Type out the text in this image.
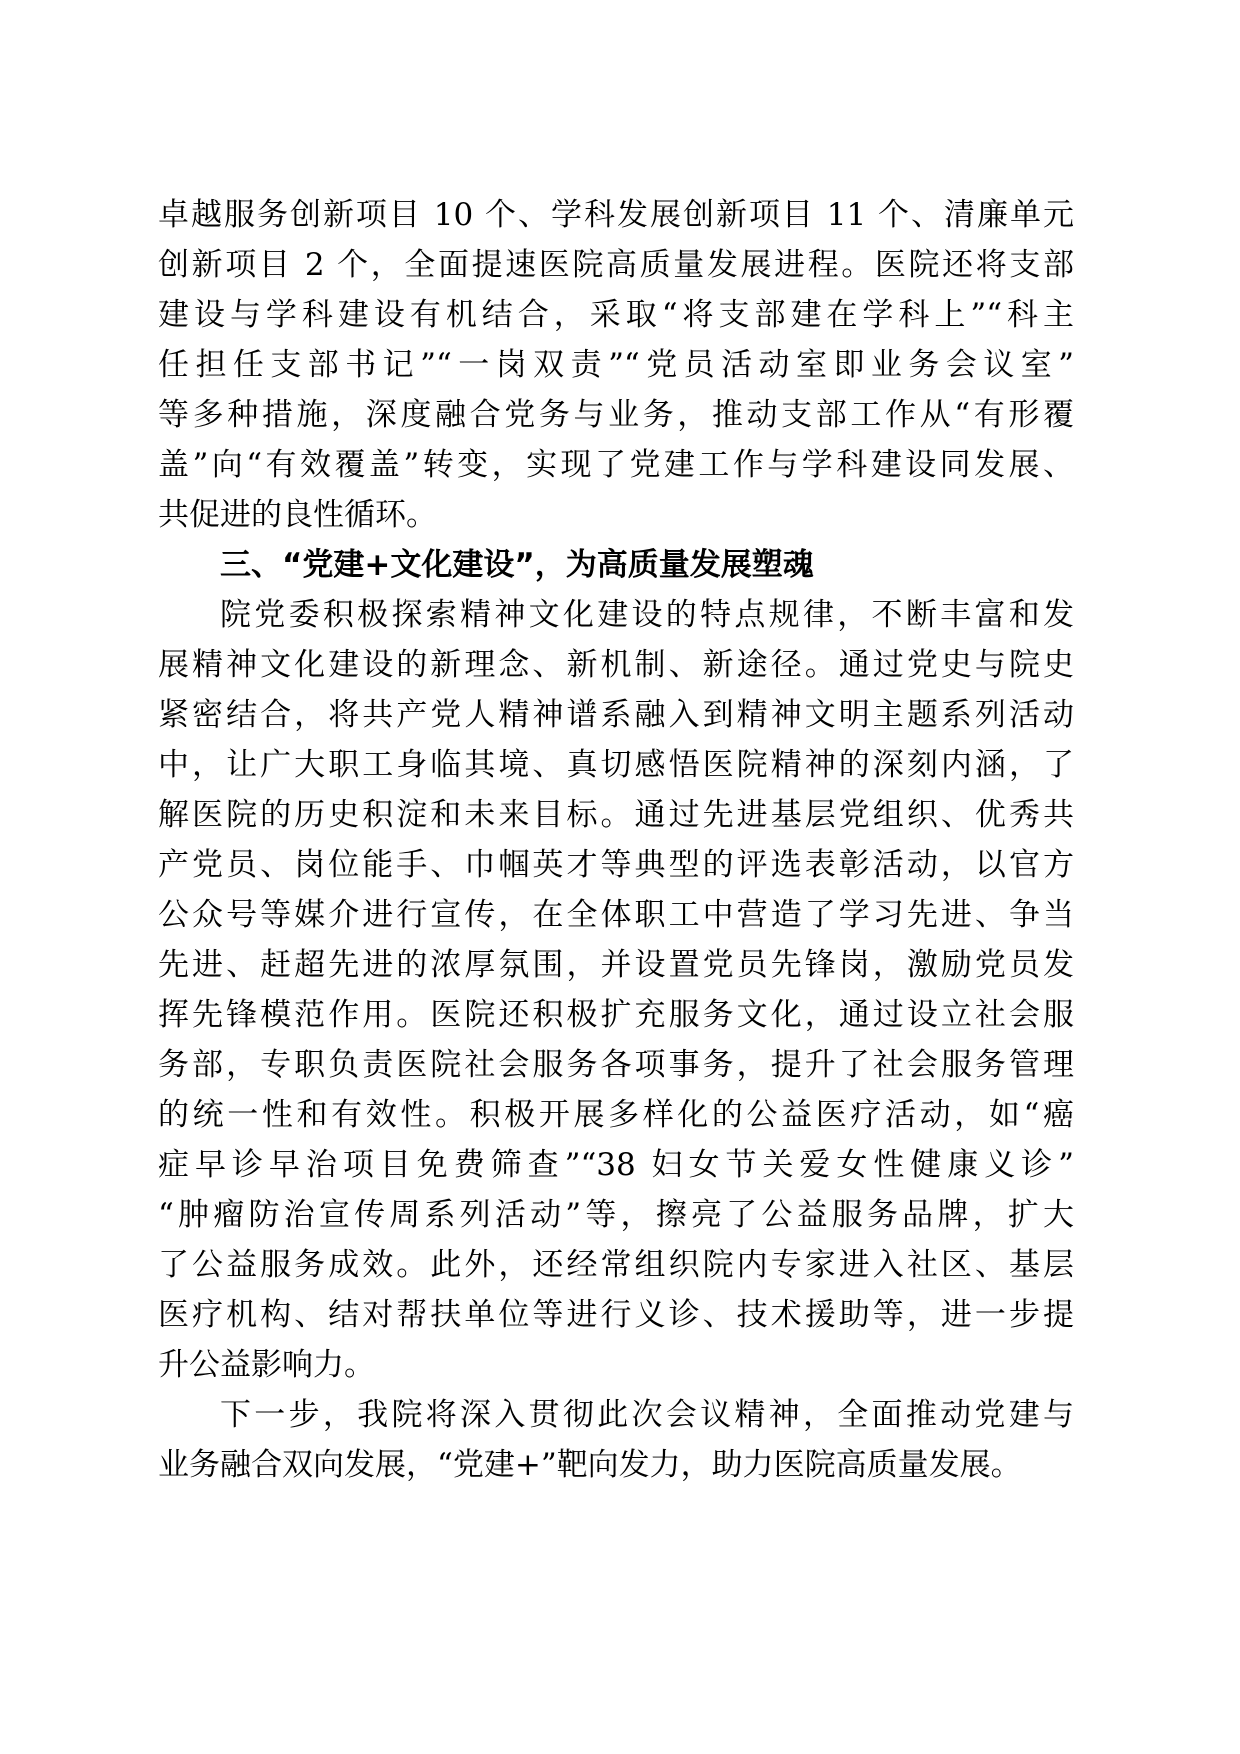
卓越服务创新项目 10 个、学科发展创新项目 11 个、清廉单元
创新项目 2 个，全面提速医院高质量发展进程。医院还将支部
建设与学科建设有机结合，采取“将支部建在学科上”“科主
任担任支部书记”“一岗双责”“党员活动室即业务会议室”
等多种措施，深度融合党务与业务，推动支部工作从“有形覆
盖”向“有效覆盖”转变，实现了党建工作与学科建设同发展、
共促进的良性循环。
三、“党建+文化建设”，为高质量发展塑魂
院党委积极探索精神文化建设的特点规律，不断丰富和发
展精神文化建设的新理念、新机制、新途径。通过党史与院史
紧密结合，将共产党人精神谱系融入到精神文明主题系列活动
中，让广大职工身临其境、真切感悟医院精神的深刻内涵，了
解医院的历史积淀和未来目标。通过先进基层党组织、优秀共
产党员、岗位能手、巾帼英才等典型的评选表彰活动，以官方
公众号等媒介进行宣传，在全体职工中营造了学习先进、争当
先进、赶超先进的浓厚氛围，并设置党员先锋岗，激励党员发
挥先锋模范作用。医院还积极扩充服务文化，通过设立社会服
务部，专职负责医院社会服务各项事务，提升了社会服务管理
的统一性和有效性。积极开展多样化的公益医疗活动，如“癌
症早诊早治项目免费筛查”“38 妇女节关爱女性健康义诊”
“肿瘤防治宣传周系列活动”等，擦亮了公益服务品牌，扩大
了公益服务成效。此外，还经常组织院内专家进入社区、基层
医疗机构、结对帮扶单位等进行义诊、技术援助等，进一步提
升公益影响力。
下一步，我院将深入贯彻此次会议精神，全面推动党建与
业务融合双向发展，“党建+”靶向发力，助力医院高质量发展。
